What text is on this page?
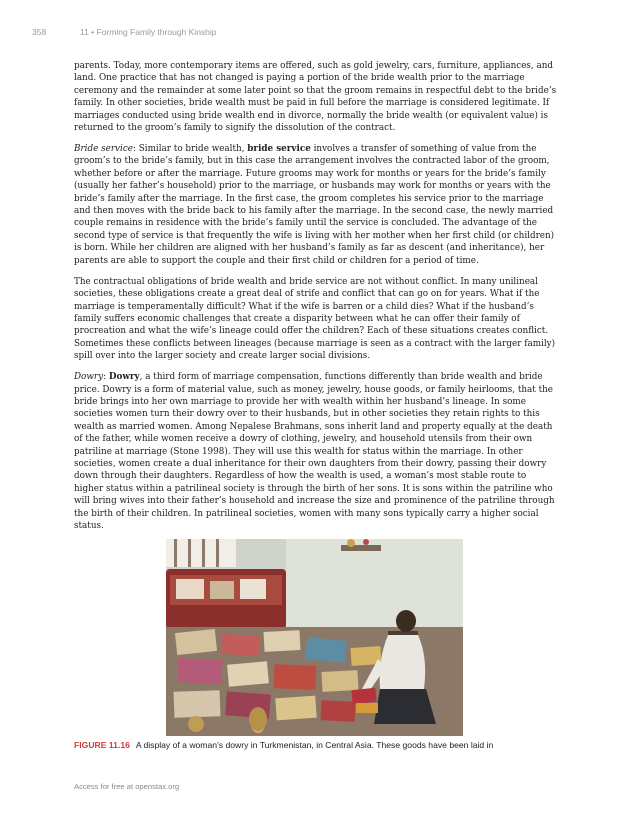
358	11 • Forming Family through Kinship

parents. Today, more contemporary items are offered, such as gold jewelry, cars, furniture, appliances, and land. One practice that has not changed is paying a portion of the bride wealth prior to the marriage ceremony and the remainder at some later point so that the groom remains in respectful debt to the bride’s family. In other societies, bride wealth must be paid in full before the marriage is considered legitimate. If marriages conducted using bride wealth end in divorce, normally the bride wealth (or equivalent value) is returned to the groom’s family to signify the dissolution of the contract.

Bride service: Similar to bride wealth, bride service involves a transfer of something of value from the groom’s to the bride’s family, but in this case the arrangement involves the contracted labor of the groom, whether before or after the marriage. Future grooms may work for months or years for the bride’s family (usually her father’s household) prior to the marriage, or husbands may work for months or years with the bride’s family after the marriage. In the first case, the groom completes his service prior to the marriage and then moves with the bride back to his family after the marriage. In the second case, the newly married couple remains in residence with the bride’s family until the service is concluded. The advantage of the second type of service is that frequently the wife is living with her mother when her first child (or children) is born. While her children are aligned with her husband’s family as far as descent (and inheritance), her parents are able to support the couple and their first child or children for a period of time.

The contractual obligations of bride wealth and bride service are not without conflict. In many unilineal societies, these obligations create a great deal of strife and conflict that can go on for years. What if the marriage is temperamentally difficult? What if the wife is barren or a child dies? What if the husband’s family suffers economic challenges that create a disparity between what he can offer their family of procreation and what the wife’s lineage could offer the children? Each of these situations creates conflict. Sometimes these conflicts between lineages (because marriage is seen as a contract with the larger family) spill over into the larger society and create larger social divisions.

Dowry: Dowry, a third form of marriage compensation, functions differently than bride wealth and bride price. Dowry is a form of material value, such as money, jewelry, house goods, or family heirlooms, that the bride brings into her own marriage to provide her with wealth within her husband’s lineage. In some societies women turn their dowry over to their husbands, but in other societies they retain rights to this wealth as married women. Among Nepalese Brahmans, sons inherit land and property equally at the death of the father, while women receive a dowry of clothing, jewelry, and household utensils from their own patriline at marriage (Stone 1998). They will use this wealth for status within the marriage. In other societies, women create a dual inheritance for their own daughters from their dowry, passing their dowry down through their daughters. Regardless of how the wealth is used, a woman’s most stable route to higher status within a patrilineal society is through the birth of her sons. It is sons within the patriline who will bring wives into their father’s household and increase the size and prominence of the patriline through the birth of their children. In patrilineal societies, women with many sons typically carry a higher social status.

FIGURE 11.16 A display of a woman’s dowry in Turkmenistan, in Central Asia. These goods have been laid in
Access for free at openstax.org
